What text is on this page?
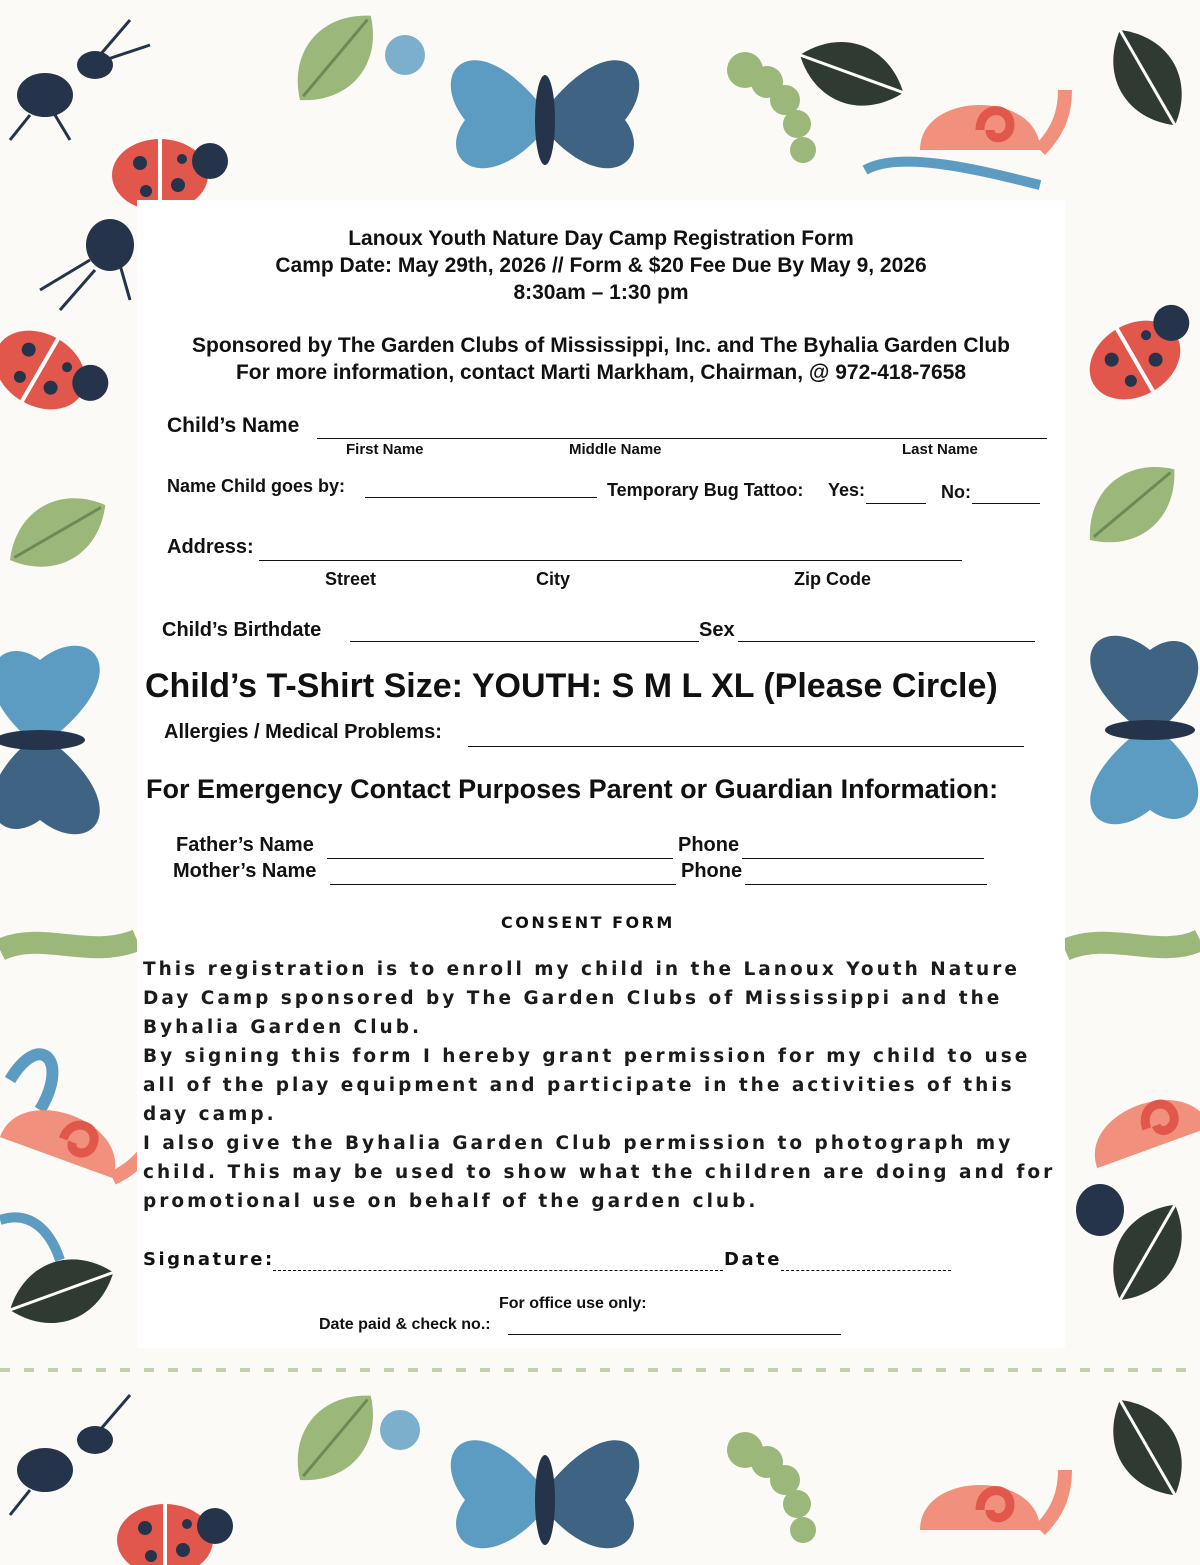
Lanoux Youth Nature Day Camp Registration Form
Camp Date: May 29th, 2026 // Form & $20 Fee Due By May 9, 2026
8:30am – 1:30 pm
Sponsored by The Garden Clubs of Mississippi, Inc. and The Byhalia Garden Club
For more information, contact Marti Markham, Chairman, @ 972-418-7658
Child’s Name
First Name	Middle Name	Last Name
Name Child goes by:	Temporary Bug Tattoo: Yes:	No:
Address:
Street	City	Zip Code
Child’s Birthdate	Sex
Child’s T-Shirt Size: YOUTH: S M L XL (Please Circle)
Allergies / Medical Problems:
For Emergency Contact Purposes Parent or Guardian Information:
Father’s Name	Phone
Mother’s Name	Phone
CONSENT FORM

This registration is to enroll my child in the Lanoux Youth Nature Day Camp sponsored by The Garden Clubs of Mississippi and the Byhalia Garden Club.

By signing this form I hereby grant permission for my child to use all of the play equipment and participate in the activities of this day camp.

I also give the Byhalia Garden Club permission to photograph my child. This may be used to show what the children are doing and for promotional use on behalf of the garden club.

Signature:	Date
For office use only:
Date paid & check no.:
